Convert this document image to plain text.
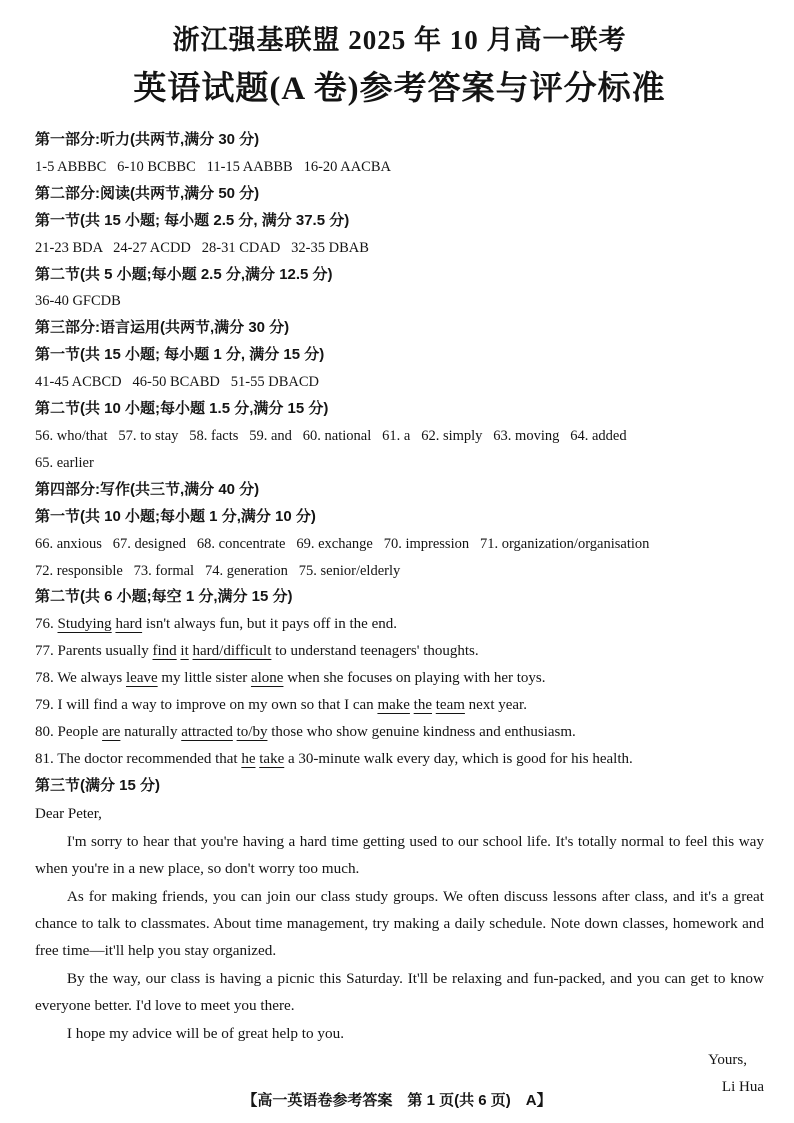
浙江强基联盟 2025 年 10 月高一联考
英语试题(A 卷)参考答案与评分标准
第一部分:听力(共两节,满分 30 分)
1-5 ABBBC   6-10 BCBBC   11-15 AABBB   16-20 AACBA
第二部分:阅读(共两节,满分 50 分)
第一节(共 15 小题; 每小题 2.5 分, 满分 37.5 分)
21-23 BDA   24-27 ACDD   28-31 CDAD   32-35 DBAB
第二节(共 5 小题;每小题 2.5 分,满分 12.5 分)
36-40 GFCDB
第三部分:语言运用(共两节,满分 30 分)
第一节(共 15 小题; 每小题 1 分, 满分 15 分)
41-45 ACBCD   46-50 BCABD   51-55 DBACD
第二节(共 10 小题;每小题 1.5 分,满分 15 分)
56. who/that   57. to stay   58. facts   59. and   60. national   61. a   62. simply   63. moving   64. added
65. earlier
第四部分:写作(共三节,满分 40 分)
第一节(共 10 小题;每小题 1 分,满分 10 分)
66. anxious   67. designed   68. concentrate   69. exchange   70. impression   71. organization/organisation
72. responsible   73. formal   74. generation   75. senior/elderly
第二节(共 6 小题;每空 1 分,满分 15 分)
76. Studying hard isn't always fun, but it pays off in the end.
77. Parents usually find it hard/difficult to understand teenagers' thoughts.
78. We always leave my little sister alone when she focuses on playing with her toys.
79. I will find a way to improve on my own so that I can make the team next year.
80. People are naturally attracted to/by those who show genuine kindness and enthusiasm.
81. The doctor recommended that he take a 30-minute walk every day, which is good for his health.
第三节(满分 15 分)
Dear Peter,

I'm sorry to hear that you're having a hard time getting used to our school life. It's totally normal to feel this way when you're in a new place, so don't worry too much.

As for making friends, you can join our class study groups. We often discuss lessons after class, and it's a great chance to talk to classmates. About time management, try making a daily schedule. Note down classes, homework and free time—it'll help you stay organized.

By the way, our class is having a picnic this Saturday. It'll be relaxing and fun-packed, and you can get to know everyone better. I'd love to meet you there.

I hope my advice will be of great help to you.

Yours,
Li Hua
【高一英语卷参考答案　第 1 页(共 6 页)　A】
